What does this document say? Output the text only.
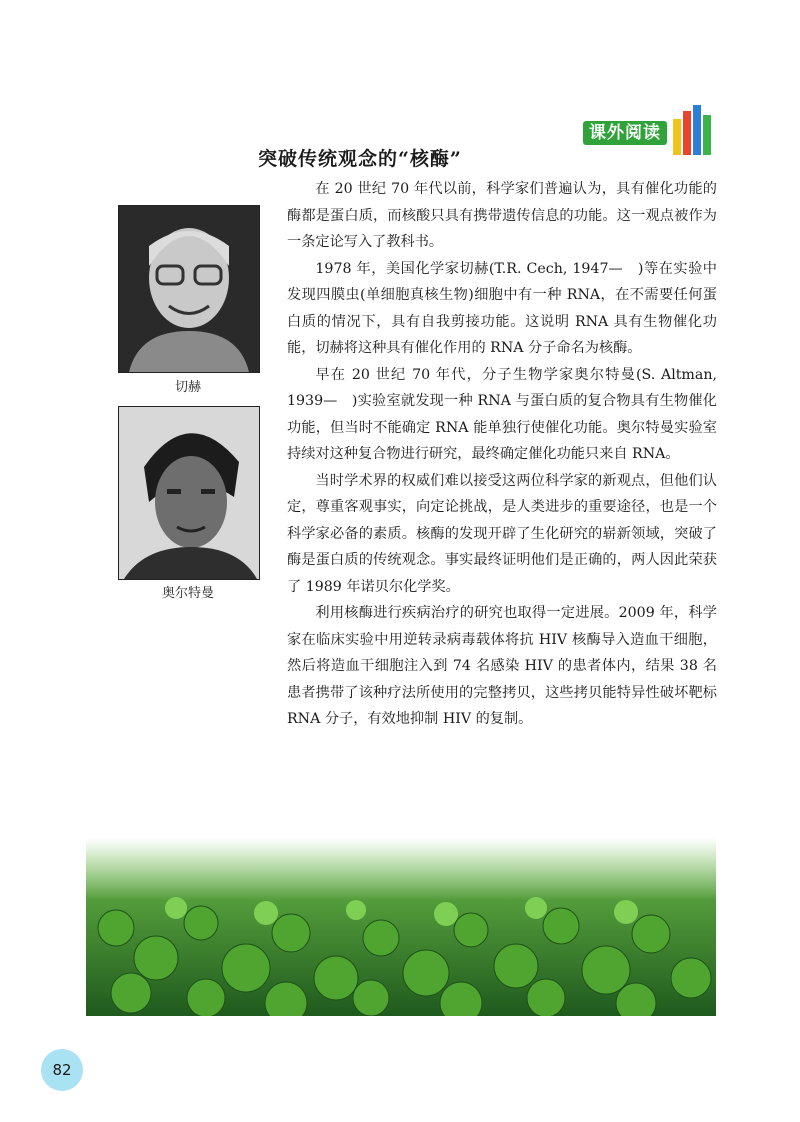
课外阅读
突破传统观念的“核酶”
切赫
奥尔特曼

在 20 世纪 70 年代以前，科学家们普遍认为，具有催化功能的酶都是蛋白质，而核酸只具有携带遗传信息的功能。这一观点被作为一条定论写入了教科书。

1978 年，美国化学家切赫(T.R. Cech, 1947—　)等在实验中发现四膜虫(单细胞真核生物)细胞中有一种 RNA，在不需要任何蛋白质的情况下，具有自我剪接功能。这说明 RNA 具有生物催化功能，切赫将这种具有催化作用的 RNA 分子命名为核酶。

早在 20 世纪 70 年代，分子生物学家奥尔特曼(S. Altman, 1939—　)实验室就发现一种 RNA 与蛋白质的复合物具有生物催化功能，但当时不能确定 RNA 能单独行使催化功能。奥尔特曼实验室持续对这种复合物进行研究，最终确定催化功能只来自 RNA。

当时学术界的权威们难以接受这两位科学家的新观点，但他们认定，尊重客观事实，向定论挑战，是人类进步的重要途径，也是一个科学家必备的素质。核酶的发现开辟了生化研究的崭新领域，突破了酶是蛋白质的传统观念。事实最终证明他们是正确的，两人因此荣获了 1989 年诺贝尔化学奖。

利用核酶进行疾病治疗的研究也取得一定进展。2009 年，科学家在临床实验中用逆转录病毒载体将抗 HIV 核酶导入造血干细胞，然后将造血干细胞注入到 74 名感染 HIV 的患者体内，结果 38 名患者携带了该种疗法所使用的完整拷贝，这些拷贝能特异性破坏靶标 RNA 分子，有效地抑制 HIV 的复制。

82
